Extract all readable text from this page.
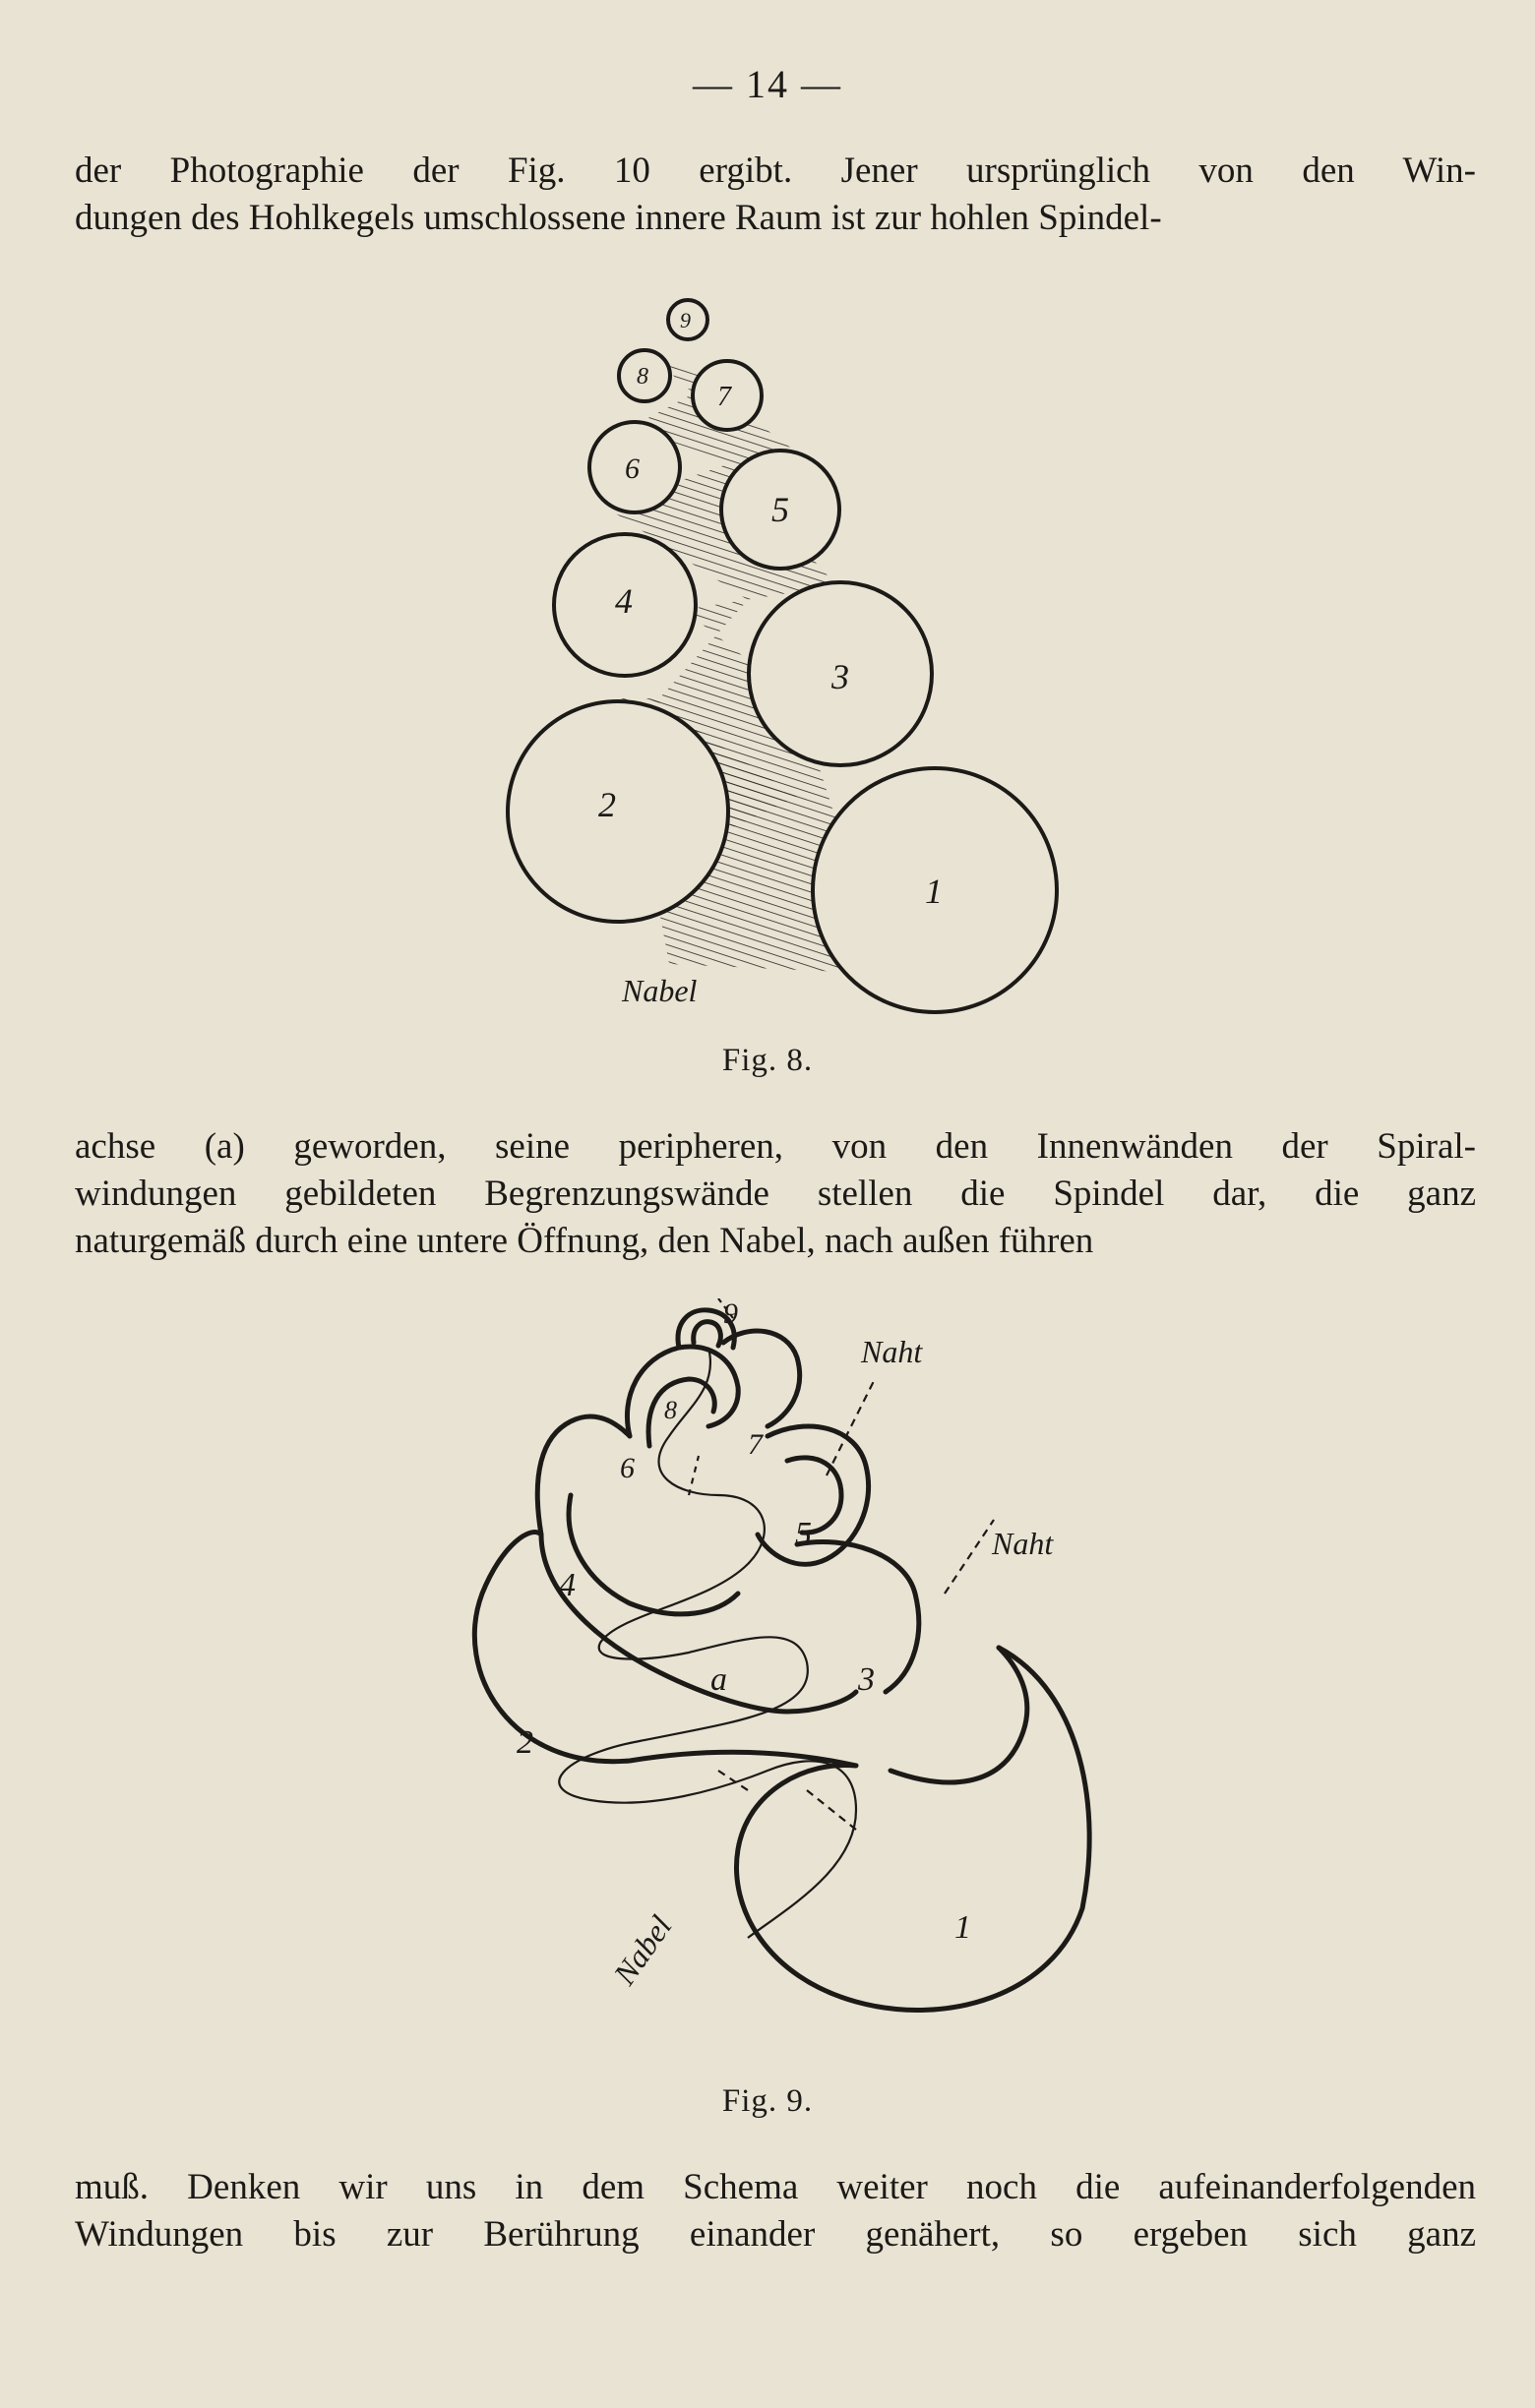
— 14 —
der Photographie der Fig. 10 ergibt. Jener ursprünglich von den Win-
dungen des Hohlkegels umschlossene innere Raum ist zur hohlen Spindel-
1
2
3
4
5
6
7
8
9
Nabel
Fig. 8.
achse (a) geworden, seine peripheren, von den Innenwänden der Spiral-
windungen gebildeten Begrenzungswände stellen die Spindel dar, die ganz
naturgemäß durch eine untere Öffnung, den Nabel, nach außen führen
1
2
3
4
5
6
7
8
9
a
Naht
Naht
Nabel
Fig. 9.
muß. Denken wir uns in dem Schema weiter noch die aufeinanderfolgenden
Windungen bis zur Berührung einander genähert, so ergeben sich ganz
